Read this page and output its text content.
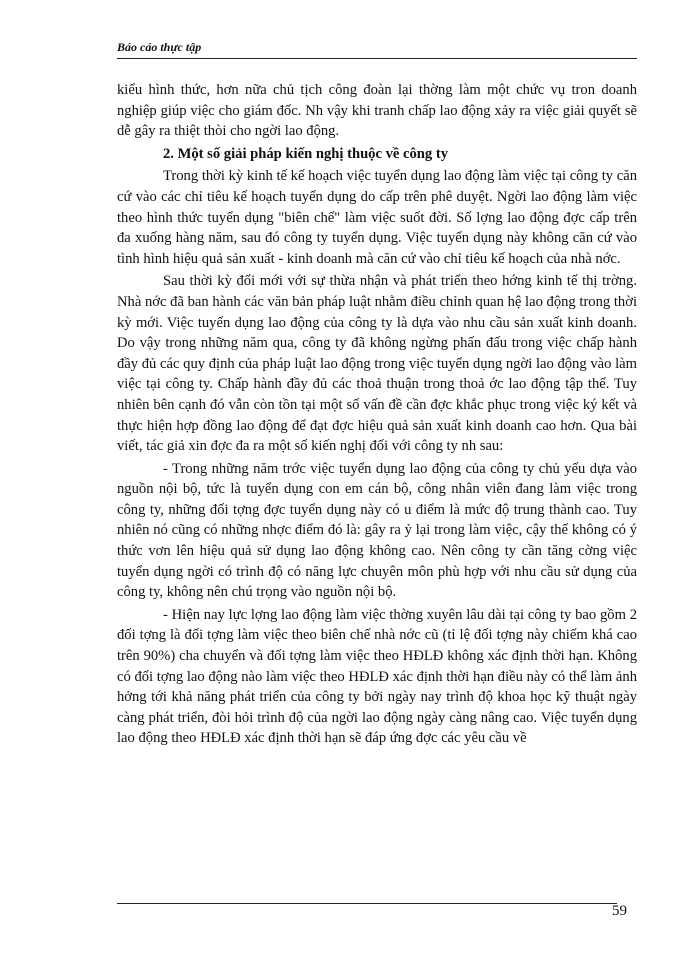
Báo cáo thực tập

kiểu hình thức, hơn nữa chủ tịch công đoàn lại thờng làm một chức vụ tron doanh nghiệp giúp việc cho giám đốc. Nh vậy khi tranh chấp lao động xảy ra việc giải quyết sẽ dễ gây ra thiệt thòi cho ngời lao động.

2. Một số giải pháp kiến nghị thuộc về công ty

Trong thời kỳ kinh tế kế hoạch việc tuyển dụng lao động làm việc tại công ty căn cứ vào các chỉ tiêu kế hoạch tuyển dụng do cấp trên phê duyệt. Ngời lao động làm việc theo hình thức tuyển dụng "biên chế" làm việc suốt đời. Số lợng lao động đợc cấp trên đa xuống hàng năm, sau đó công ty tuyển dụng. Việc tuyển dụng này không căn cứ vào tình hình hiệu quả sản xuất - kinh doanh mà căn cứ vào chỉ tiêu kế hoạch của nhà nớc.

Sau thời kỳ đổi mới với sự thừa nhận và phát triển theo hớng kinh tế thị trờng. Nhà nớc đã ban hành các văn bản pháp luật nhằm điều chỉnh quan hệ lao động trong thời kỳ mới. Việc tuyển dụng lao động của công ty là dựa vào nhu cầu sản xuất kinh doanh. Do vậy trong những năm qua, công ty đã không ngừng phấn đấu trong việc chấp hành đầy đủ các quy định của pháp luật lao động trong việc tuyển dụng ngời lao động vào làm việc tại công ty. Chấp hành đầy đủ các thoả thuận trong thoả ớc lao động tập thể. Tuy nhiên bên cạnh đó vẫn còn tồn tại một số vấn đề cần đợc khắc phục trong việc ký kết và thực hiện hợp đồng lao động để đạt đợc hiệu quả sản xuất kinh doanh cao hơn. Qua bài viết, tác giả xin đợc đa ra một số kiến nghị đối với công ty nh sau:

- Trong những năm trớc việc tuyển dụng lao động của công ty chủ yếu dựa vào nguồn nội bộ, tức là tuyển dụng con em cán bộ, công nhân viên đang làm việc trong công ty, những đối tợng đợc tuyển dụng này có u điểm là mức độ trung thành cao. Tuy nhiên nó cũng có những nhợc điểm đó là: gây ra ỷ lại trong làm việc, cậy thế không có ý thức vơn lên hiệu quả sử dụng lao động không cao. Nên công ty cần tăng cờng việc tuyển dụng ngời có trình độ có năng lực chuyên môn phù hợp với nhu cầu sử dụng của công ty, không nên chú trọng vào nguồn nội bộ.

- Hiện nay lực lợng lao động làm việc thờng xuyên lâu dài tại công ty bao gồm 2 đối tợng là đối tợng làm việc theo biên chế nhà nớc cũ (tỉ lệ đối tợng này chiếm khá cao trên 90%) cha chuyển và đối tợng làm việc theo HĐLĐ không xác định thời hạn. Không có đối tợng lao động nào làm việc theo HĐLĐ xác định thời hạn điều này có thể làm ảnh hởng tới khả năng phát triển của công ty bởi ngày nay trình độ khoa học kỹ thuật ngày càng phát triển, đòi hỏi trình độ của ngời lao động ngày càng nâng cao. Việc tuyển dụng lao động theo HĐLĐ xác định thời hạn sẽ đáp ứng đợc các yêu cầu về

59
